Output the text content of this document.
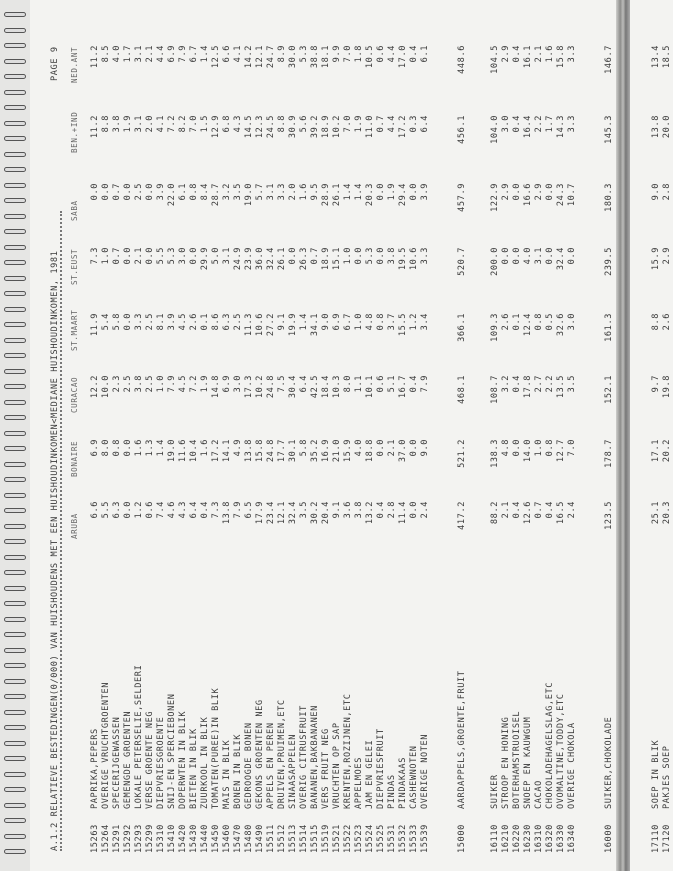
A.1.2 RELATIEVE BESTEDINGEN(0/000) VAN HUISHOUDENS MET EEN HUISHOUDINKOMEN<MEDIANE HUISHOUDINKOMEN, 1981
PAGE 9
ARUBA
BONAIRE
CURACAO
ST.MAART
ST.EUST
SABA
BEN.+IND
NED.ANT
15263
PAPRIKA,PEPERS
6.6
6.9
12.2
11.9
7.3
0.0
11.2
11.2
15264
OVERIGE VRUCHTGROENTEN
5.5
8.0
10.0
5.4
1.0
0.0
8.8
8.5
15291
SPECERIJGEWASSEN
6.3
0.8
2.3
5.8
0.7
0.7
3.8
4.0
15292
GEMENGDE GROENTEN
0.0
0.0
2.5
0.0
0.0
0.0
1.9
1.7
15293
LOKALE PETERSELIE,SELDERI
1.2
1.6
3.8
3.3
2.1
2.5
3.1
3.1
15299
VERSE GROENTE NEG
0.6
1.3
2.5
2.5
0.0
0.0
2.0
2.1
15310
DIEPVRIESGROENTE
7.4
1.4
1.0
8.1
5.5
3.9
4.1
4.4
15410
SNIJ-EN SPERCIEBONEN
4.6
19.0
7.9
3.9
5.3
22.0
7.2
6.9
15420
DOPERWTEN IN BLIK
4.3
11.6
4.5
4.5
3.0
6.1
8.2
7.9
15430
BIETEN IN BLIK
6.4
10.4
7.2
2.6
0.0
0.8
7.0
6.7
15440
ZUURKOOL IN BLIK
0.4
1.6
1.9
0.1
29.9
8.4
1.5
1.4
15450
TOMATEN(PUREE)IN BLIK
7.3
17.2
14.8
8.6
5.0
28.7
12.9
12.5
15460
MAIS IN BLIK
13.8
14.1
6.9
6.3
3.1
3.2
6.8
6.6
15470
BONEN IN BLIK
7.9
4.9
3.0
2.5
24.9
3.5
4.3
4.1
15480
GEDROOGDE BONEN
6.5
13.8
17.3
11.3
23.9
19.0
14.5
14.2
15490
GEKONS GROENTEN NEG
17.9
15.8
10.2
10.6
36.0
5.7
12.3
12.1
15511
APPELS EN PEREN
23.4
24.8
24.8
27.2
32.4
3.1
24.5
24.7
15512
DRUIVEN,PRUIMEN,ETC
12.1
17.7
7.5
9.1
26.1
3.3
8.8
8.9
15513
SINAASAPPELEN
32.4
30.1
30.4
19.9
0.0
2.0
30.9
30.0
15514
OVERIG CITRUSFRUIT
3.5
5.8
6.4
1.4
26.3
1.6
5.6
5.3
15515
BANANEN,BAKBANANEN
30.2
35.2
42.5
34.1
0.7
9.5
39.2
38.8
15519
VERS FRUIT NEG
20.4
16.9
18.4
9.0
18.9
28.9
18.9
18.1
15521
VRUCHTEN OP SAP
9.1
21.0
10.3
6.9
15.1
26.1
10.2
9.9
15522
KRENTEN,ROZIJNEN,ETC
3.6
15.9
8.0
6.7
1.0
1.4
7.0
7.0
15523
APPELMOES
3.8
4.0
1.1
1.0
0.0
1.4
1.9
1.8
15524
JAM EN GELEI
13.2
18.8
10.1
4.8
5.3
20.3
11.0
10.5
15525
DIEPVRIESFRUIT
0.4
0.0
0.6
0.8
0.0
0.0
0.7
0.6
15531
PINDAS
2.8
2.1
5.1
3.7
3.8
1.9
4.4
4.4
15532
PINDAKAAS
11.4
37.0
16.7
15.5
19.5
29.4
17.2
17.0
15533
CASHEWNOTEN
0.0
0.0
0.4
1.2
10.6
0.0
0.3
0.4
15539
OVERIGE NOTEN
2.4
9.0
7.9
3.4
3.3
3.9
6.4
6.1
15000
AARDAPPELS,GROENTE,FRUIT
417.2
521.2
468.1
366.1
520.7
457.9
456.1
448.6
16110
SUIKER
88.2
138.3
108.7
109.3
200.0
122.9
104.0
104.5
16210
STROOP EN HONING
2.1
4.8
3.2
2.6
0.0
2.9
3.0
2.9
16220
BOTERHAMSTRUOISEL
0.4
0.0
0.4
0.1
0.0
0.0
0.4
0.4
16230
SNOEP EN KAUWGUM
12.6
14.0
17.8
12.4
4.0
16.6
16.4
16.1
16310
CACAO
0.7
1.0
2.7
0.8
3.1
2.9
2.2
2.1
16320
CHOKOLADEHAGELSLAG,ETC
0.4
0.8
2.2
0.5
0.0
0.0
1.7
1.6
16330
OVOMALTINE,TODDY,ETC
16.5
12.7
13.5
32.6
32.4
24.3
14.3
15.8
16340
OVERIGE CHOKOLA
2.4
7.0
3.5
3.0
0.0
10.7
3.3
3.3
16000
SUIKER,CHOKOLADE
123.5
178.7
152.1
161.3
239.5
180.3
145.3
146.7
17110
SOEP IN BLIK
25.1
17.1
9.7
8.8
15.9
9.0
13.8
13.4
17120
PAKJES SOEP
20.3
20.2
19.8
2.6
2.9
2.8
20.0
18.5
